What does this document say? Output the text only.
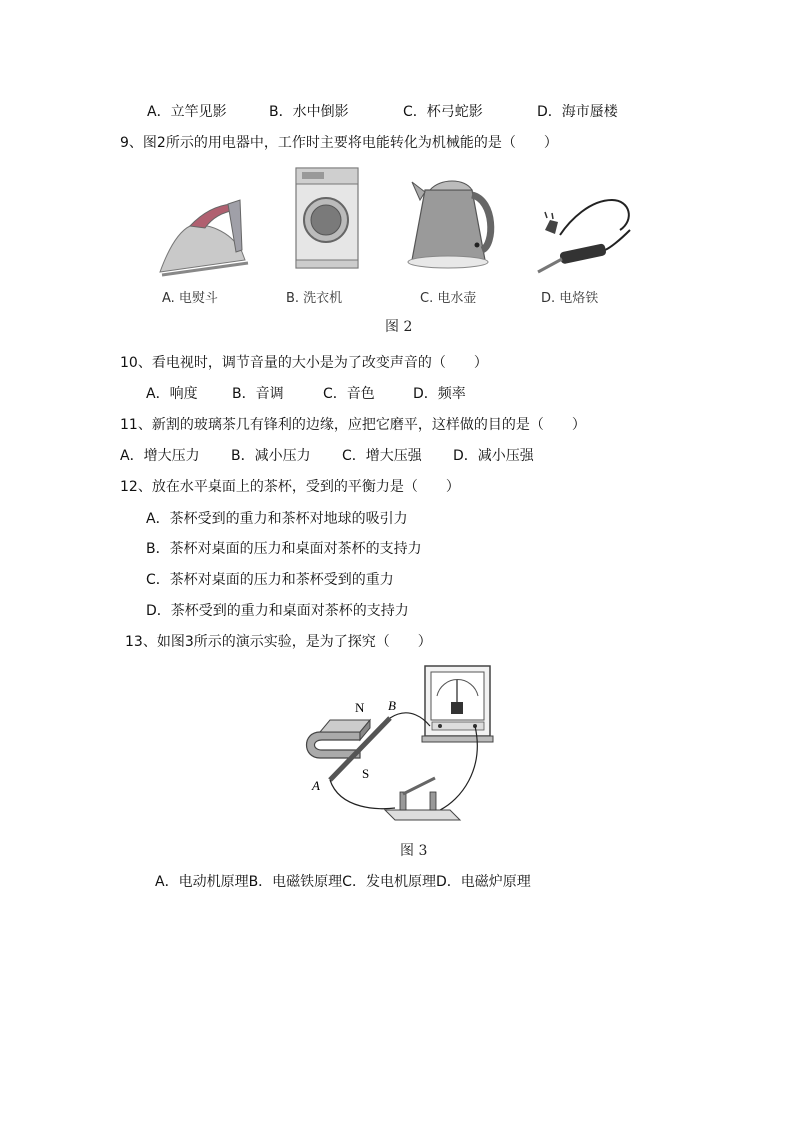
A．立竿见影	B．水中倒影	C．杯弓蛇影	D．海市蜃楼
9、图2所示的用电器中，工作时主要将电能转化为机械能的是（　　）
A. 电熨斗	B. 洗衣机	C. 电水壶	D. 电烙铁
图 2
10、看电视时，调节音量的大小是为了改变声音的（　　）
A．响度 B．音调	C．音色	D．频率
11、新割的玻璃茶几有锋利的边缘，应把它磨平，这样做的目的是（　　）
A．增大压力 B．减小压力 C．增大压强 D．减小压强
12、放在水平桌面上的茶杯，受到的平衡力是（　　）
A．茶杯受到的重力和茶杯对地球的吸引力
B．茶杯对桌面的压力和桌面对茶杯的支持力
C．茶杯对桌面的压力和茶杯受到的重力
D．茶杯受到的重力和桌面对茶杯的支持力
13、如图3所示的演示实验，是为了探究（　　）
N
S
A
B
图 3
A．电动机原理B．电磁铁原理C．发电机原理D．电磁炉原理
